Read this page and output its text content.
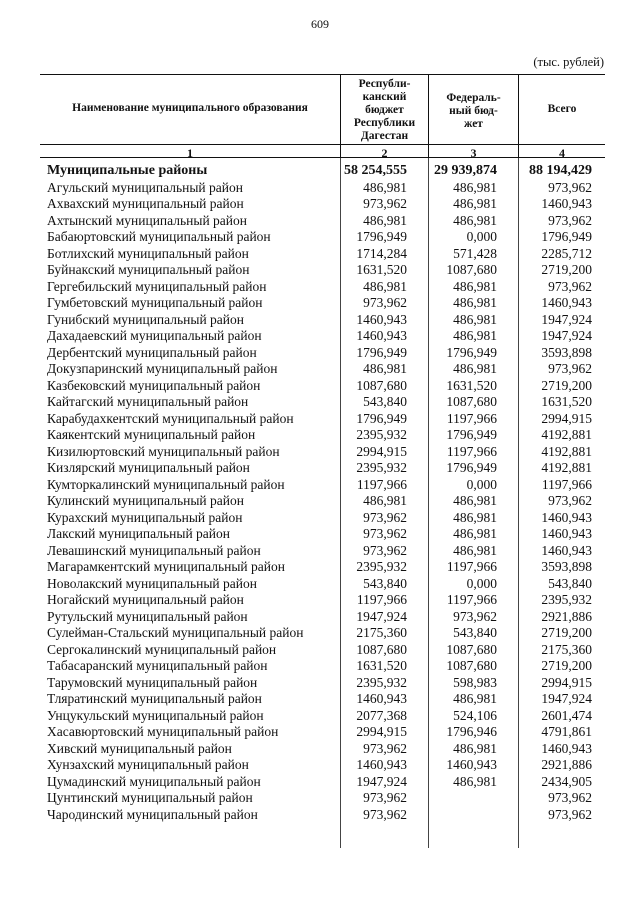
609
(тыс. рублей)
Наименование муниципального образования
Республи-
канский
бюджет
Республики
Дагестан
Федераль-
ный бюд-
жет
Всего
1	2	3	4
Муниципальные районы	58 254,555	29 939,874	88 194,429
Агульский муниципальный район	486,981	486,981	973,962
Ахвахский муниципальный район	973,962	486,981	1460,943
Ахтынский муниципальный район	486,981	486,981	973,962
Бабаюртовский муниципальный район	1796,949	0,000	1796,949
Ботлихский муниципальный район	1714,284	571,428	2285,712
Буйнакский муниципальный район	1631,520	1087,680	2719,200
Гергебильский муниципальный район	486,981	486,981	973,962
Гумбетовский муниципальный район	973,962	486,981	1460,943
Гунибский муниципальный район	1460,943	486,981	1947,924
Дахадаевский муниципальный район	1460,943	486,981	1947,924
Дербентский муниципальный район	1796,949	1796,949	3593,898
Докузпаринский муниципальный район	486,981	486,981	973,962
Казбековский муниципальный район	1087,680	1631,520	2719,200
Кайтагский муниципальный район	543,840	1087,680	1631,520
Карабудахкентский муниципальный район	1796,949	1197,966	2994,915
Каякентский муниципальный район	2395,932	1796,949	4192,881
Кизилюртовский муниципальный район	2994,915	1197,966	4192,881
Кизлярский муниципальный район	2395,932	1796,949	4192,881
Кумторкалинский муниципальный район	1197,966	0,000	1197,966
Кулинский муниципальный район	486,981	486,981	973,962
Курахский муниципальный район	973,962	486,981	1460,943
Лакский муниципальный район	973,962	486,981	1460,943
Левашинский муниципальный район	973,962	486,981	1460,943
Магарамкентский муниципальный район	2395,932	1197,966	3593,898
Новолакский муниципальный район	543,840	0,000	543,840
Ногайский муниципальный район	1197,966	1197,966	2395,932
Рутульский муниципальный район	1947,924	973,962	2921,886
Сулейман-Стальский муниципальный район	2175,360	543,840	2719,200
Сергокалинский муниципальный район	1087,680	1087,680	2175,360
Табасаранский муниципальный район	1631,520	1087,680	2719,200
Тарумовский муниципальный район	2395,932	598,983	2994,915
Тляратинский муниципальный район	1460,943	486,981	1947,924
Унцукульский муниципальный район	2077,368	524,106	2601,474
Хасавюртовский муниципальный район	2994,915	1796,946	4791,861
Хивский муниципальный район	973,962	486,981	1460,943
Хунзахский муниципальный район	1460,943	1460,943	2921,886
Цумадинский муниципальный район	1947,924	486,981	2434,905
Цунтинский муниципальный район	973,962		973,962
Чародинский муниципальный район	973,962		973,962
